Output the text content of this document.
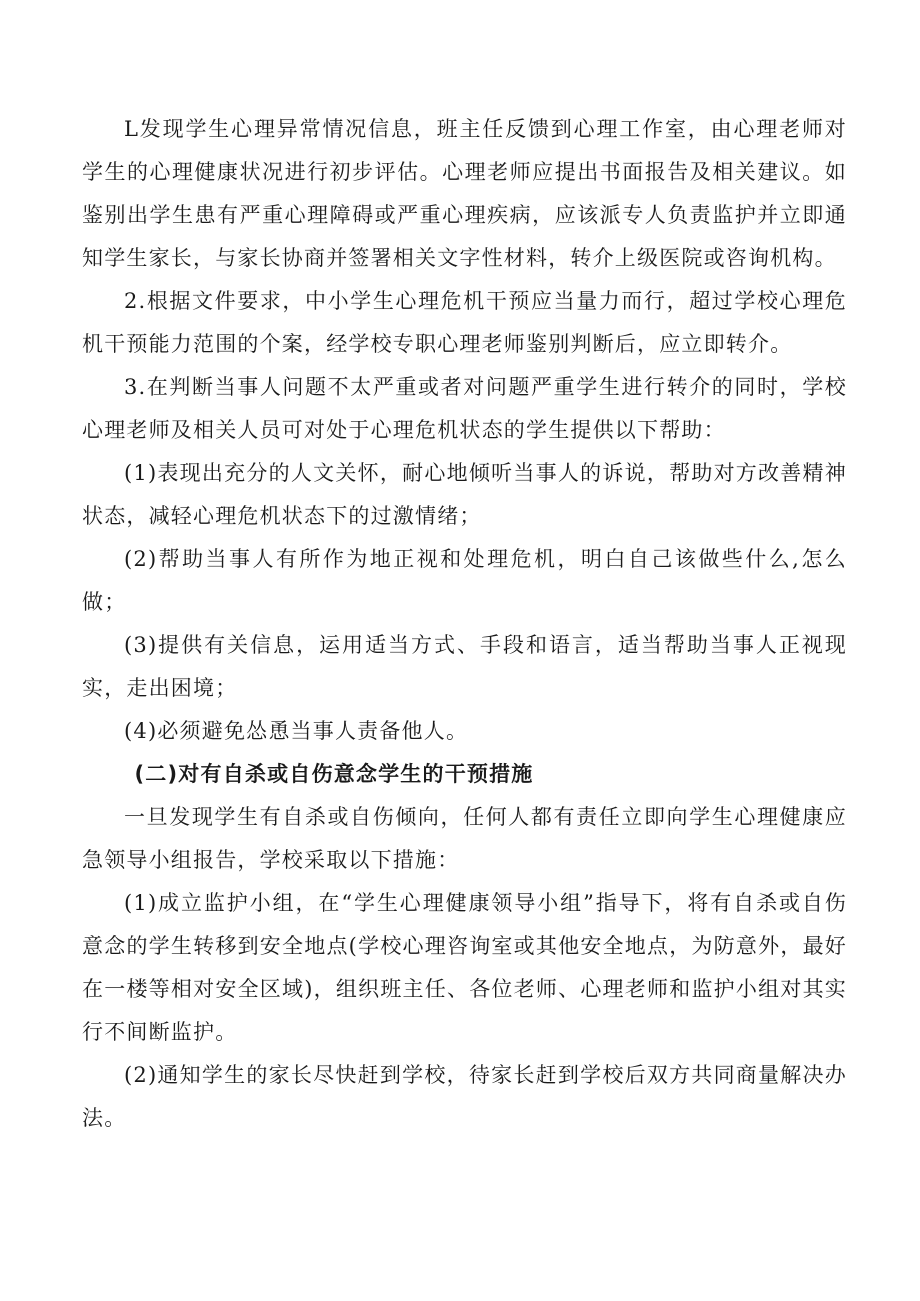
L发现学生心理异常情况信息，班主任反馈到心理工作室，由心理老师对学生的心理健康状况进行初步评估。心理老师应提出书面报告及相关建议。如鉴别出学生患有严重心理障碍或严重心理疾病，应该派专人负责监护并立即通知学生家长，与家长协商并签署相关文字性材料，转介上级医院或咨询机构。

2.根据文件要求，中小学生心理危机干预应当量力而行，超过学校心理危机干预能力范围的个案，经学校专职心理老师鉴别判断后，应立即转介。

3.在判断当事人问题不太严重或者对问题严重学生进行转介的同时，学校心理老师及相关人员可对处于心理危机状态的学生提供以下帮助：

(1)表现出充分的人文关怀，耐心地倾听当事人的诉说，帮助对方改善精神状态，减轻心理危机状态下的过激情绪；

(2)帮助当事人有所作为地正视和处理危机，明白自己该做些什么,怎么做；

(3)提供有关信息，运用适当方式、手段和语言，适当帮助当事人正视现实，走出困境；

(4)必须避免怂恿当事人责备他人。

(二)对有自杀或自伤意念学生的干预措施

一旦发现学生有自杀或自伤倾向，任何人都有责任立即向学生心理健康应急领导小组报告，学校采取以下措施：

(1)成立监护小组，在“学生心理健康领导小组”指导下，将有自杀或自伤意念的学生转移到安全地点(学校心理咨询室或其他安全地点，为防意外，最好在一楼等相对安全区域)，组织班主任、各位老师、心理老师和监护小组对其实行不间断监护。

(2)通知学生的家长尽快赶到学校，待家长赶到学校后双方共同商量解决办法。
